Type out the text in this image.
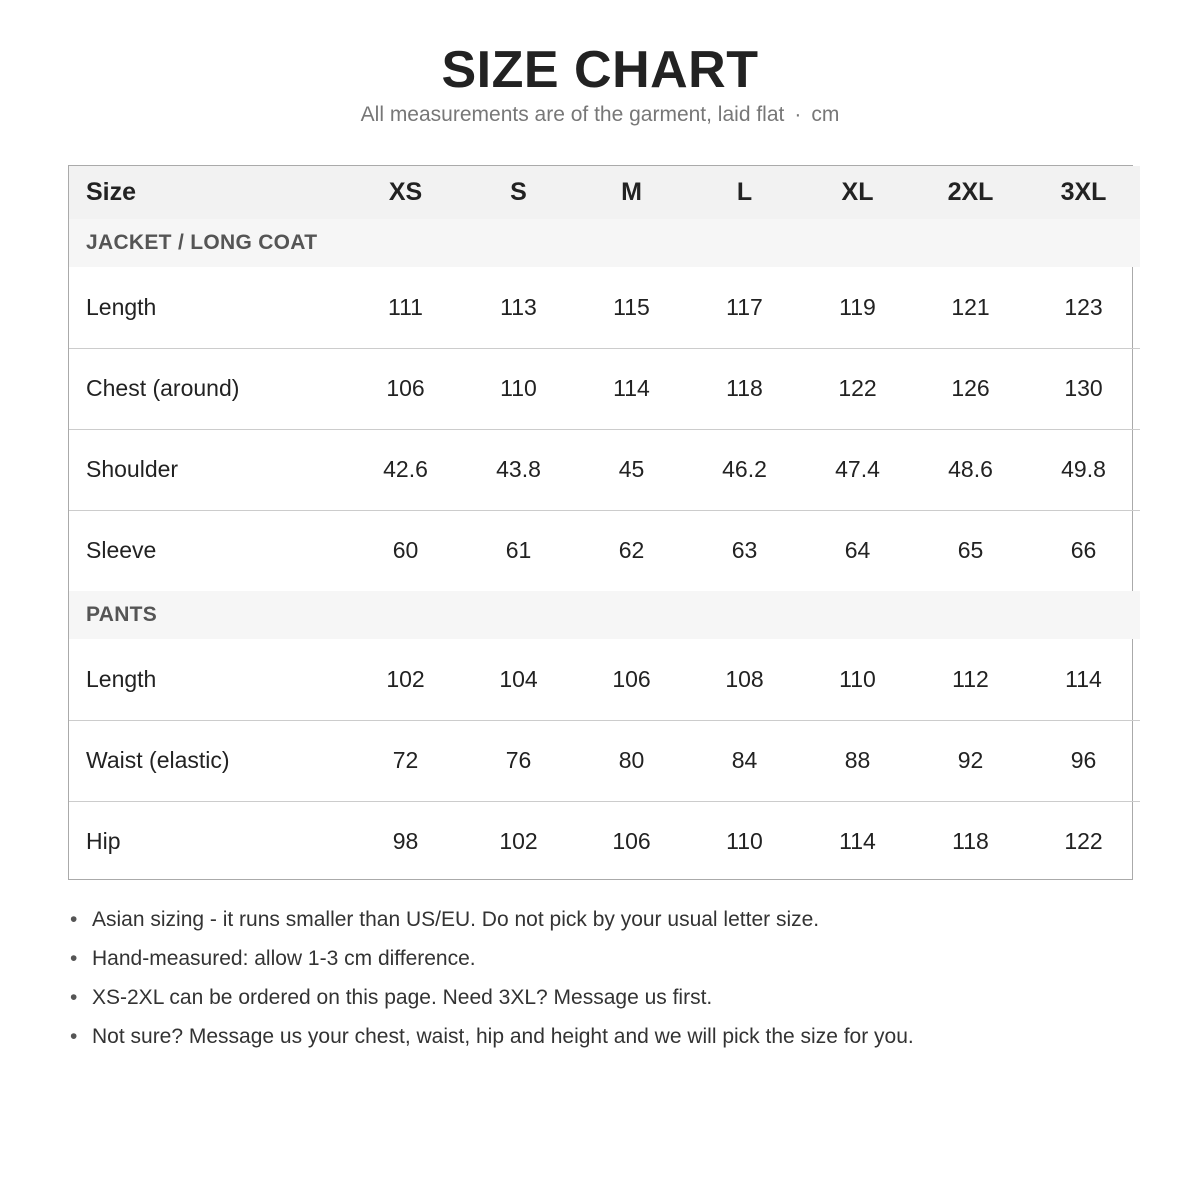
SIZE CHART
All measurements are of the garment, laid flat · cm
Size	XS	S	M	L	XL	2XL	3XL
JACKET / LONG COAT							
Length	111	113	115	117	119	121	123
Chest (around)	106	110	114	118	122	126	130
Shoulder	42.6	43.8	45	46.2	47.4	48.6	49.8
Sleeve	60	61	62	63	64	65	66
PANTS							
Length	102	104	106	108	110	112	114
Waist (elastic)	72	76	80	84	88	92	96
Hip	98	102	106	110	114	118	122
• Asian sizing - it runs smaller than US/EU. Do not pick by your usual letter size.
• Hand-measured: allow 1-3 cm difference.
• XS-2XL can be ordered on this page. Need 3XL? Message us first.
• Not sure? Message us your chest, waist, hip and height and we will pick the size for you.
